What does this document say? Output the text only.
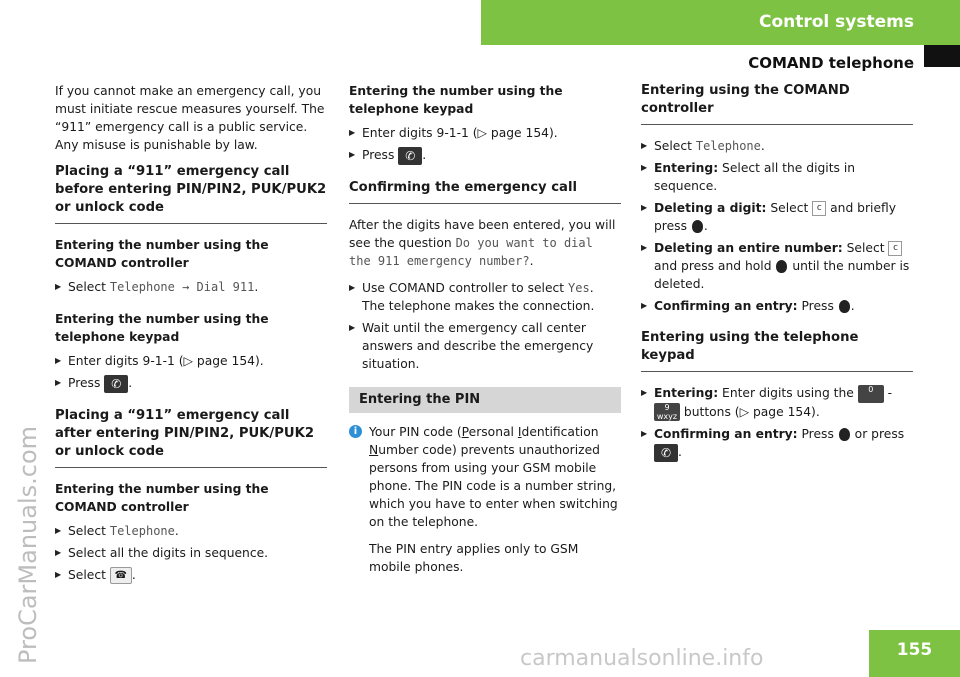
Control systems
COMAND telephone
ProCarManuals.com	carmanualsonline.info	155

If you cannot make an emergency call, you must initiate rescue measures yourself. The “911” emergency call is a public service. Any misuse is punishable by law.

Placing a “911” emergency call before entering PIN/PIN2, PUK/PUK2 or unlock code

Entering the number using the COMAND controller

▶ Select Telephone → Dial 911.

Entering the number using the telephone keypad

▶ Enter digits 9-1-1 (▷ page 154).
▶ Press ✆ .
Placing a “911” emergency call after entering PIN/PIN2, PUK/PUK2 or unlock code

Entering the number using the COMAND controller

▶ Select Telephone.
▶ Select all the digits in sequence.
▶ Select ☎ .

Entering the number using the telephone keypad

▶ Enter digits 9-1-1 (▷ page 154).
▶ Press ✆ .
Confirming the emergency call

After the digits have been entered, you will see the question Do you want to dial the 911 emergency number?.

▶ Use COMAND controller to select Yes.
The telephone makes the connection.
▶ Wait until the emergency call center answers and describe the emergency situation.
Entering the PIN
i Your PIN code (Personal Identification Number code) prevents unauthorized persons from using your GSM mobile phone. The PIN code is a number string, which you have to enter when switching on the telephone.

The PIN entry applies only to GSM mobile phones.

Entering using the COMAND controller
▶ Select Telephone.
▶ Entering: Select all the digits in sequence.
▶ Deleting a digit: Select c and briefly press .
▶ Deleting an entire number: Select c and press and hold  until the number is deleted.
▶ Confirming an entry: Press .
Entering using the telephone keypad
▶ Entering: Enter digits using the 0 -
9
wxyz buttons (▷ page 154).
▶ Confirming an entry: Press  or press
✆ .
